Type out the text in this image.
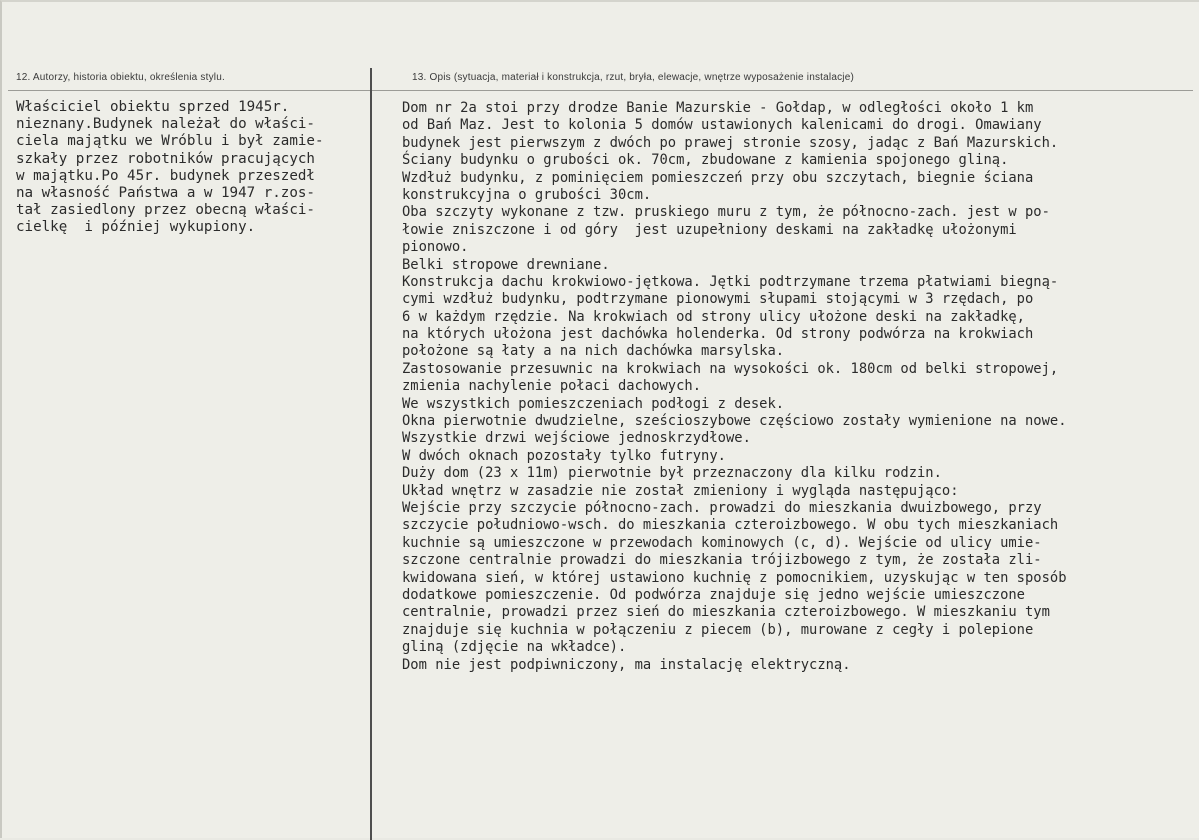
12. Autorzy, historia obiektu, określenia stylu.	13. Opis (sytuacja, materiał i konstrukcja, rzut, bryła, elewacje, wnętrze wyposażenie instalacje)
Właściciel obiektu sprzed 1945r.
nieznany.Budynek należał do właści-
ciela majątku we Wróblu i był zamie-
szkały przez robotników pracujących
w majątku.Po 45r. budynek przeszedł
na własność Państwa a w 1947 r.zos-
tał zasiedlony przez obecną właści-
cielkę  i później wykupiony.
Dom nr 2a stoi przy drodze Banie Mazurskie - Gołdap, w odległości około 1 km
od Bań Maz. Jest to kolonia 5 domów ustawionych kalenicami do drogi. Omawiany
budynek jest pierwszym z dwóch po prawej stronie szosy, jadąc z Bań Mazurskich.
Ściany budynku o grubości ok. 70cm, zbudowane z kamienia spojonego gliną.
Wzdłuż budynku, z pominięciem pomieszczeń przy obu szczytach, biegnie ściana
konstrukcyjna o grubości 30cm.
Oba szczyty wykonane z tzw. pruskiego muru z tym, że północno-zach. jest w po-
łowie zniszczone i od góry  jest uzupełniony deskami na zakładkę ułożonymi
pionowo.
Belki stropowe drewniane.
Konstrukcja dachu krokwiowo-jętkowa. Jętki podtrzymane trzema płatwiami biegną-
cymi wzdłuż budynku, podtrzymane pionowymi słupami stojącymi w 3 rzędach, po
6 w każdym rzędzie. Na krokwiach od strony ulicy ułożone deski na zakładkę,
na których ułożona jest dachówka holenderka. Od strony podwórza na krokwiach
położone są łaty a na nich dachówka marsylska.
Zastosowanie przesuwnic na krokwiach na wysokości ok. 180cm od belki stropowej,
zmienia nachylenie połaci dachowych.
We wszystkich pomieszczeniach podłogi z desek.
Okna pierwotnie dwudzielne, sześcioszybowe częściowo zostały wymienione na nowe.
Wszystkie drzwi wejściowe jednoskrzydłowe.
W dwóch oknach pozostały tylko futryny.
Duży dom (23 x 11m) pierwotnie był przeznaczony dla kilku rodzin.
Układ wnętrz w zasadzie nie został zmieniony i wygląda następująco:
Wejście przy szczycie północno-zach. prowadzi do mieszkania dwuizbowego, przy
szczycie południowo-wsch. do mieszkania czteroizbowego. W obu tych mieszkaniach
kuchnie są umieszczone w przewodach kominowych (c, d). Wejście od ulicy umie-
szczone centralnie prowadzi do mieszkania trójizbowego z tym, że została zli-
kwidowana sień, w której ustawiono kuchnię z pomocnikiem, uzyskując w ten sposób
dodatkowe pomieszczenie. Od podwórza znajduje się jedno wejście umieszczone
centralnie, prowadzi przez sień do mieszkania czteroizbowego. W mieszkaniu tym
znajduje się kuchnia w połączeniu z piecem (b), murowane z cegły i polepione
gliną (zdjęcie na wkładce).
Dom nie jest podpiwniczony, ma instalację elektryczną.
